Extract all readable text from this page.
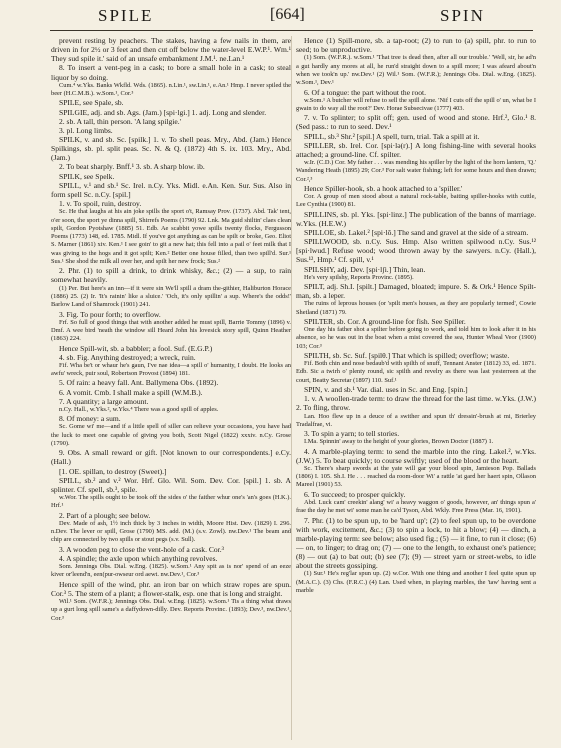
SPILE	[664]	SPIN

prevent resting by peachers. The stakes, having a few nails in them, are driven in for 2½ or 3 feet and then cut off below the water-level E.W.P.¹. Wm.¹ They sud spile it.' said of an unsafe embankment J.M.¹. ne.Lan.¹

8. To insert a vent-peg in a cask; to bore a small hole in a cask; to steal liquor by so doing.

Cum.⁴ w.Yks. Banks Wkfld. Wds. (1865). n.Lin.¹, sw.Lin.¹, e.An.¹ Hmp. I never spiled the beer (H.C.M.B.). w.Som.¹, Cor.³

SPILE, see Spale, sb.

SPILGIE, adj. and sb. Ags. (Jam.) [spi·lgi.] 1. adj. Long and slender.

2. sb. A tall, thin person. 'A lang spilgie.'

3. pl. Long limbs.

SPILK, v. and sb. Sc. [spilk.] 1. v. To shell peas. Mry., Abd. (Jam.) Hence Spilkings, sb. pl. split peas. Sc. N. & Q. (1872) 4th S. ix. 103. Mry., Abd. (Jam.)

2. To beat sharply. Bnff.¹ 3. sb. A sharp blow. ib.

SPILK, see Spelk.

SPILL, v.¹ and sb.¹ Sc. Irel. n.Cy. Yks. Midl. e.An. Ken. Sur. Sus. Also in form spell Sc. n.Cy. [spil.]

1. v. To spoil, ruin, destroy.

Sc. He that laughs at his ain joke spills the sport o't, Ramsay Prov. (1737). Abd. Tak' tent, o'er soon, the sport ye dinna spill, Shirrefs Poems (1790) 92. Lnk. Ma guid shiltin' claes clean spilt, Gordon Pyotshaw (1885) 51. Edb. Ae scabbit yowe spills twenty flocks, Fergusson Poems (1773) 148, ed. 1785. Midl. If you've got anything as can be spilt or broke, Geo. Eliot S. Marner (1861) xiv. Ken.¹ I see goin' to git a new hat; this fell into a pail o' feet milk that I was giving to the hogs and it got spilt; Ken.² Better one house filled, than two spill'd. Sur.¹ Sus.¹ She shod the milk all over her, and spilt her new frock; Sus.²

2. Phr. (1) to spill a drink, to drink whisky, &c.; (2) — a sup, to rain somewhat heavily.

(1) Per. But here's an inn—if it were sin We'll spill a dram the-githier, Haliburton Horace (1886) 25. (2) Ir. 'It's rainin' like a sluice.' 'Och, it's only spillin' a sup. Where's the odds!' Barlow Land of Shamrock (1901) 241.

3. Fig. To pour forth; to overflow.

Frf. So full of good things that with another added he must spill, Barrie Tommy (1896) v. Dmf. A wee bird 'neath the window sill Heard John his lovesick story spill, Quinn Heather (1863) 224.

Hence Spill-wit, sb. a babbler; a fool. Suf. (E.G.P.)

4. sb. Fig. Anything destroyed; a wreck, ruin.

Fif. Wha be't or whaur he's gaun, I've nae idea—a spill o' humanity, I doubt. He looks an awfu' wreck, puir soul, Robertson Provost (1894) 181.

5. Of rain: a heavy fall. Ant. Ballymena Obs. (1892).

6. A vomit. Cmb. I shall make a spill (W.M.B.).

7. A quantity; a large amount.

n.Cy. Hall., w.Yks.², w.Yks.⁴ There was a good spill of apples.

8. Of money: a sum.

Sc. Gome wi' me—and if a little spell of siller can relieve your occasions, you have had the luck to meet one capable of giving you both, Scott Nigel (1822) xxxiv. n.Cy. Grose (1790).

9. Obs. A small reward or gift. [Not known to our correspondents.] e.Cy. (Hall.)

[1. OE. spillan, to destroy (Sweet).]

SPILL, sb.² and v.² Wor. Hrf. Glo. Wil. Som. Dev. Cor. [spil.] 1. sb. A splinter. Cf. spell, sb.³, spile.

w.Wor. The spills ought to be took off the sides o' the faither whur one's 'an's goes (H.K.). Hrf.¹

2. Part of a plough; see below.

Dev. Made of ash, 1½ inch thick by 3 inches in width, Moore Hist. Dev. (1829) I. 296. n.Dev. The lever or spill, Grose (1790) MS. add. (M.) (s.v. Zowl). nw.Dev.¹ The beam and chip are connected by two spills or stout pegs (s.v. Sull).

3. A wooden peg to close the vent-hole of a cask. Cor.³

4. A spindle; the axle upon which anything revolves.

Som. Jennings Obs. Dial. w.Eng. (1825). w.Som.¹ Any spit as is nor' spend of an eeze kiver or'leend'n, een(pur-owseur ord aewt. nw.Dev.¹, Cor.³

Hence spill of the wind, phr. an iron bar on which straw ropes are spun. Cor.³ 5. The stem of a plant; a flower-stalk, esp. one that is long and straight.

Wil.¹ Som. (W.F.R.); Jennings Obs. Dial. w.Eng. (1825). w.Som.¹ Tis a thing what draws up a gurt long spill same's a daffydown-dilly. Dev. Reports Provinc. (1893); Dev.³, nw.Dev.¹, Cor.³

Hence (1) Spill-more, sb. a tap-root; (2) to run to (a) spill, phr. to run to seed; to be unproductive.

(1) Som. (W.F.R.). w.Som.¹ 'That tree is dead then, after all our trouble.' 'Well, sir, he ad'n a gut hardly any mores at all, he run'd straight down to a spill more; I was afeard about'n when we took'n up.' nw.Dev.¹ (2) Wil.¹ Som. (W.F.R.); Jennings Obs. Dial. w.Eng. (1825). w.Som.¹, Dev.¹

6. Of a tongue: the part without the root.

w.Som.¹ A butcher will refuse to sell the spill alone. 'Nif I cuts off the spill o' un, what be I gwain to do way all the root?' Dev. Horae Subsecivae (1777) 403.

7. v. To splinter; to split off; gen. used of wood and stone. Hrf.², Glo.¹ 8. (Sed pass.: to run to seed. Dev.¹

SPILL, sb.³ Shr.² [spil.] A spell, turn, trial. Tak a spill at it.

SPILLER, sb. Irel. Cor. [spi·lə(r).] A long fishing-line with several hooks attached; a ground-line. Cf. spilter.

w.Ir. (C.D.) Cor. My father . . . was mending his spiller by the light of the horn lantern, 'Q.' Wandering Heath (1895) 29; Cor.³ For salt water fishing; left for some hours and then drawn; Cor.²,³

Hence Spiller-hook, sb. a hook attached to a 'spiller.'

Cor. A group of men stood about a natural rock-table, baiting spiller-hooks with cuttle, Lee Cynthia (1900) 81.

SPILLINS, sb. pl. Yks. [spi·linz.] The publication of the banns of marriage. w.Yks. (H.E.W.)

SPILLOE, sb. Lakel.² [spi·lō.] The sand and gravel at the side of a stream.

SPILLWOOD, sb. n.Cy. Sus. Hmp. Also written spilwood n.Cy. Sus.¹² [spi·lwud.] Refuse wood; wood thrown away by the sawyers. n.Cy. (Hall.), Sus.¹², Hmp.¹ Cf. spill, v.¹

SPILSHY, adj. Dev. [spi·lʃi.] Thin, lean.

He's very spilshy, Reports Provinc. (1895).

SPILT, adj. Sh.I. [spilt.] Damaged, bloated; impure. S. & Ork.¹ Hence Spilt-man, sb. a leper.

The ruins of leprous houses (or 'spilt men's houses, as they are popularly termed', Cowie Shetland (1871) 79.

SPILTER, sb. Cor. A ground-line for fish. See Spiller.

One day his father shot a spilter before going to work, and told him to look after it in his absence, so he was out in the boat when a mist covered the sea, Hunter Wheal Veor (1900) 103; Cor.³

SPILTH, sb. Sc. Suf. [spilθ.] That which is spilled; overflow; waste.

Fif. Both chin and nose bedaub'd with spilth of snuff, Tennant Anster (1812) 33, ed. 1871. Edb. Sic a twirh o' plenty round, sic spilth and revelry as there was last yesterreen at the court, Beatty Secretar (1897) 110. Suf.¹

SPIN, v. and sb.¹ Var. dial. uses in Sc. and Eng. [spin.]

1. v. A woollen-trade term: to draw the thread for the last time. w.Yks. (J.W.) 2. To fling, throw.

Lan. Hoo flew up in a deuce of a swither and spun th' dressin'-brush at mi, Brierley Tradalfrae, vi.

3. To spin a yarn; to tell stories.

I.Ma. Spinnin' away to the height of your glories, Brown Doctor (1887) 1.

4. A marble-playing term: to send the marble into the ring. Lakel.², w.Yks. (J.W.) 5. To beat quickly; to course swiftly; used of the blood or the heart.

Sc. There's sharp swords at the yate will gar your blood spin, Jamieson Pop. Ballads (1806) I. 105. Sh.I. He . . . reached da room-door Wi' a rattle 'at gard her haert spin, Ollason Mareel (1901) 53.

6. To succeed; to prosper quickly.

Abd. Luck cam' creekin' alang' wi' a heavy waggon o' goods, however, an' things spun a' frae the day he met wi' some man he ca'd Tyson, Abd. Wkly. Free Press (Mar. 16, 1901).

7. Phr. (1) to be spun up, to be 'hard up'; (2) to feel spun up, to be overdone with work, excitement, &c.; (3) to spin a lock, to hit a blow; (4) — dinch, a marble-playing term: see below; also used fig.; (5) — it fine, to run it close; (6) — on, to linger; to drag on; (7) — one to the length, to exhaust one's patience; (8) — out (a) to bat out; (b) see (7); (9) — street yarn or street-webs, to idle about the streets gossiping.

(1) Sur.¹ He's reg'lar spun up. (2) w.Cor. With one thing and another I feel quite spun up (M.A.C.). (3) Chs. (F.R.C.) (4) Lan. Used when, in playing marbles, the 'taw' having sent a marble
